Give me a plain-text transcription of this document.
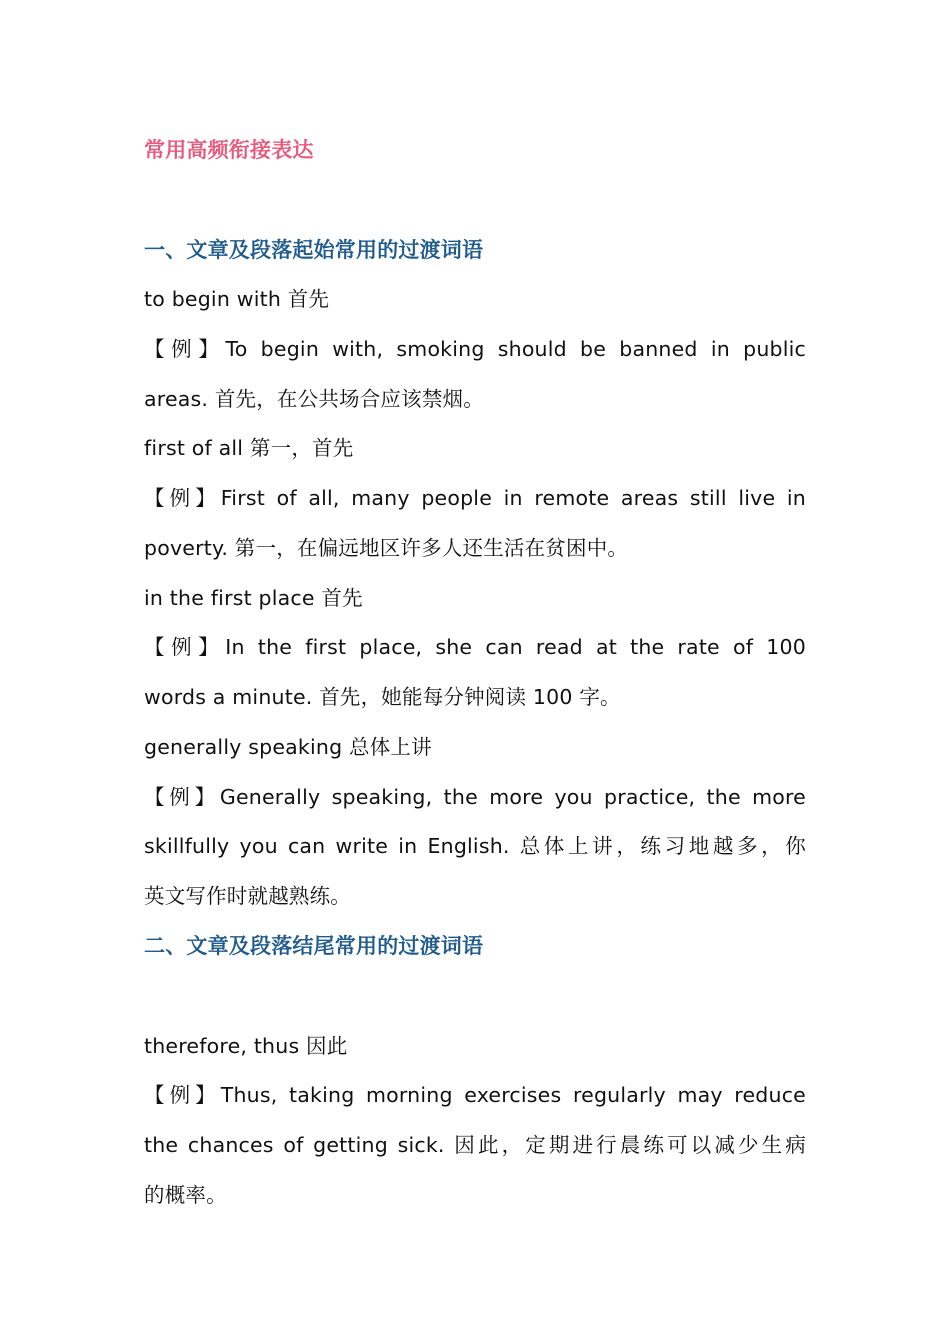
常用高频衔接表达
一、文章及段落起始常用的过渡词语
to begin with 首先
【例】To begin with, smoking should be banned in public
areas. 首先，在公共场合应该禁烟。
first of all 第一，首先
【例】First of all, many people in remote areas still live in
poverty. 第一，在偏远地区许多人还生活在贫困中。
in the first place 首先
【例】In the first place, she can read at the rate of 100
words a minute. 首先，她能每分钟阅读 100 字。
generally speaking 总体上讲
【例】Generally speaking, the more you practice, the more
skillfully you can write in English. 总体上讲，练习地越多，你
英文写作时就越熟练。
二、文章及段落结尾常用的过渡词语
therefore, thus 因此
【例】Thus, taking morning exercises regularly may reduce
the chances of getting sick. 因此，定期进行晨练可以减少生病
的概率。
